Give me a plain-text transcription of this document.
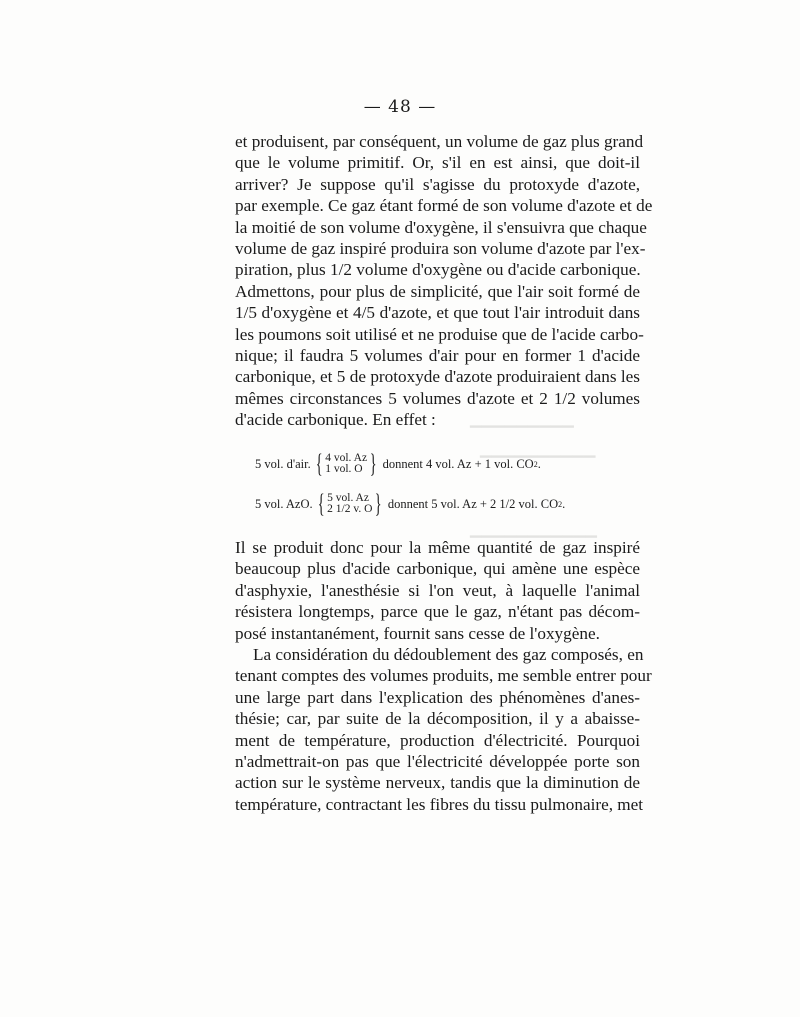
▁▁▁▁▁▁▁▁▁
▁▁▁▁▁▁▁▁▁▁
▁▁▁▁▁▁▁▁▁▁▁
— 48 —
et produisent, par conséquent, un volume de gaz plus grand
que le volume primitif. Or, s'il en est ainsi, que doit-il
arriver? Je suppose qu'il s'agisse du protoxyde d'azote,
par exemple. Ce gaz étant formé de son volume d'azote et de
la moitié de son volume d'oxygène, il s'ensuivra que chaque
volume de gaz inspiré produira son volume d'azote par l'ex-
piration, plus 1/2 volume d'oxygène ou d'acide carbonique.
Admettons, pour plus de simplicité, que l'air soit formé de
1/5 d'oxygène et 4/5 d'azote, et que tout l'air introduit dans
les poumons soit utilisé et ne produise que de l'acide carbo-
nique; il faudra 5 volumes d'air pour en former 1 d'acide
carbonique, et 5 de protoxyde d'azote produiraient dans les
mêmes circonstances 5 volumes d'azote et 2 1/2 volumes
d'acide carbonique. En effet :
5 vol. d'air. { 4 vol. Az
1 vol. O } donnent 4 vol. Az + 1 vol. CO 2 .
5 vol. AzO. { 5 vol. Az
2 1/2 v. O } donnent 5 vol. Az + 2 1/2 vol. CO 2 .
Il se produit donc pour la même quantité de gaz inspiré
beaucoup plus d'acide carbonique, qui amène une espèce
d'asphyxie, l'anesthésie si l'on veut, à laquelle l'animal
résistera longtemps, parce que le gaz, n'étant pas décom-
posé instantanément, fournit sans cesse de l'oxygène.
La considération du dédoublement des gaz composés, en
tenant comptes des volumes produits, me semble entrer pour
une large part dans l'explication des phénomènes d'anes-
thésie; car, par suite de la décomposition, il y a abaisse-
ment de température, production d'électricité. Pourquoi
n'admettrait-on pas que l'électricité développée porte son
action sur le système nerveux, tandis que la diminution de
température, contractant les fibres du tissu pulmonaire, met
